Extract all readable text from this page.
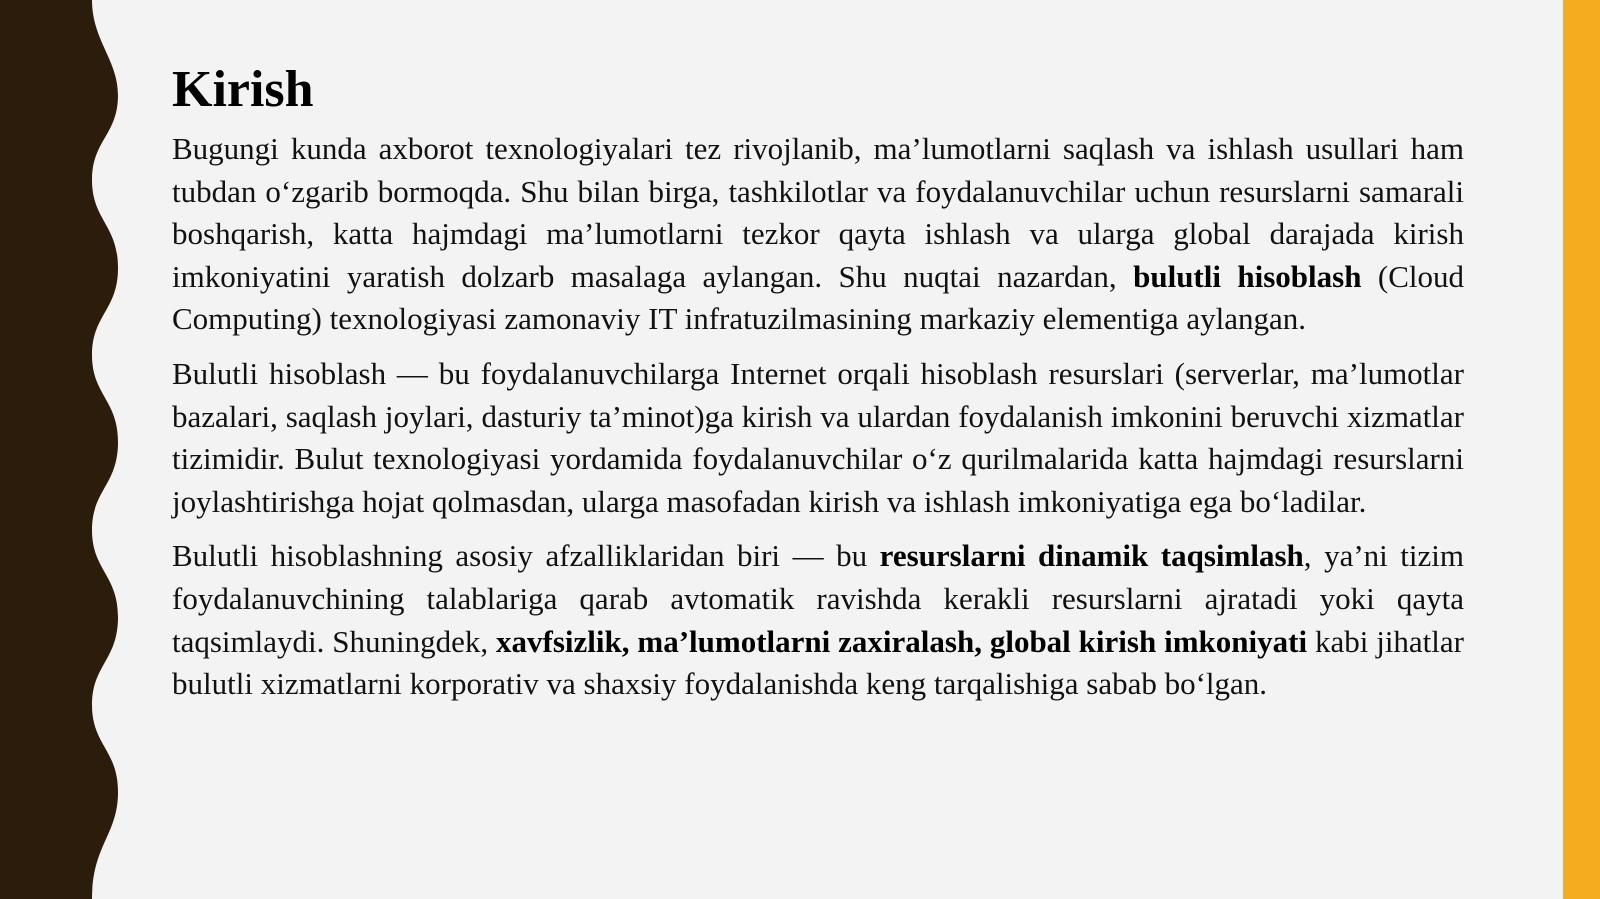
Kirish

Bugungi kunda axborot texnologiyalari tez rivojlanib, ma’lumotlarni saqlash va ishlash usullari ham tubdan o‘zgarib bormoqda. Shu bilan birga, tashkilotlar va foydalanuvchilar uchun resurslarni samarali boshqarish, katta hajmdagi ma’lumotlarni tezkor qayta ishlash va ularga global darajada kirish imkoniyatini yaratish dolzarb masalaga aylangan. Shu nuqtai nazardan, bulutli hisoblash (Cloud Computing) texnologiyasi zamonaviy IT infratuzilmasining markaziy elementiga aylangan.

Bulutli hisoblash — bu foydalanuvchilarga Internet orqali hisoblash resurslari (serverlar, ma’lumotlar bazalari, saqlash joylari, dasturiy ta’minot)ga kirish va ulardan foydalanish imkonini beruvchi xizmatlar tizimidir. Bulut texnologiyasi yordamida foydalanuvchilar o‘z qurilmalarida katta hajmdagi resurslarni joylashtirishga hojat qolmasdan, ularga masofadan kirish va ishlash imkoniyatiga ega bo‘ladilar.

Bulutli hisoblashning asosiy afzalliklaridan biri — bu resurslarni dinamik taqsimlash, ya’ni tizim foydalanuvchining talablariga qarab avtomatik ravishda kerakli resurslarni ajratadi yoki qayta taqsimlaydi. Shuningdek, xavfsizlik, ma’lumotlarni zaxiralash, global kirish imkoniyati kabi jihatlar bulutli xizmatlarni korporativ va shaxsiy foydalanishda keng tarqalishiga sabab bo‘lgan.
